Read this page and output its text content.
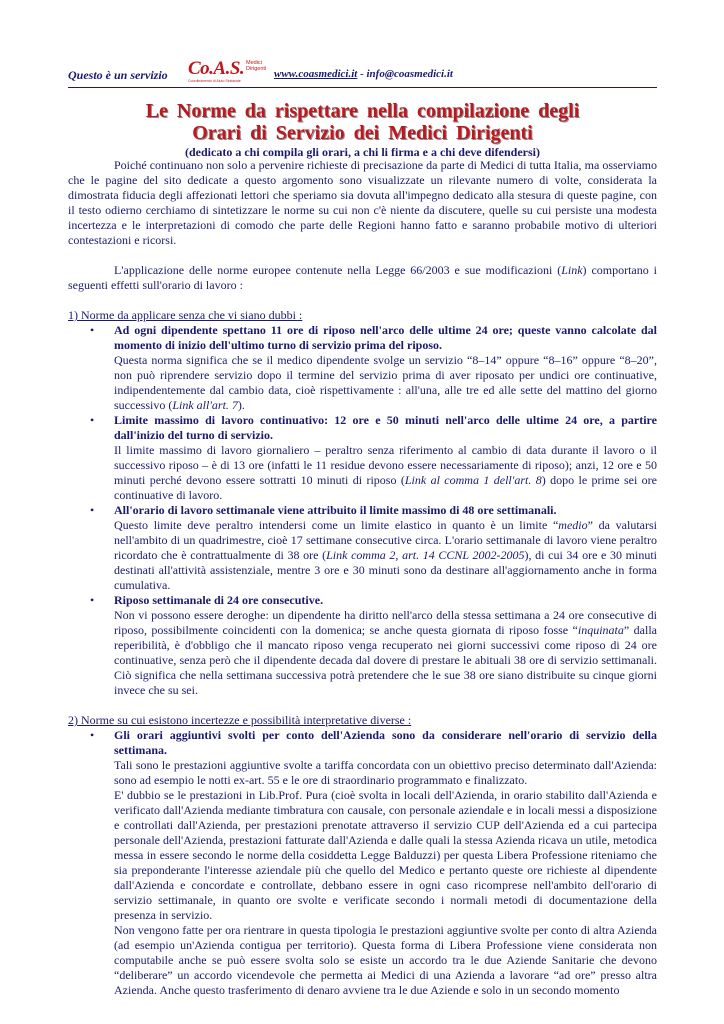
Questo è un servizio Co.A.S. Medici
Dirigenti
Coordinamento di Aiuto Sindacale
www.coasmedici.it - info@coasmedici.it
Le Norme da rispettare nella compilazione degli
Orari di Servizio dei Medici Dirigenti
(dedicato a chi compila gli orari, a chi li firma e a chi deve difendersi)

Poiché continuano non solo a pervenire richieste di precisazione da parte di Medici di tutta Italia, ma osserviamo che le pagine del sito dedicate a questo argomento sono visualizzate un rilevante numero di volte, considerata la dimostrata fiducia degli affezionati lettori che speriamo sia dovuta all'impegno dedicato alla stesura di queste pagine, con il testo odierno cerchiamo di sintetizzare le norme su cui non c'è niente da discutere, quelle su cui persiste una modesta incertezza e le interpretazioni di comodo che parte delle Regioni hanno fatto e saranno probabile motivo di ulteriori contestazioni e ricorsi.

L'applicazione delle norme europee contenute nella Legge 66/2003 e sue modificazioni (Link) comportano i seguenti effetti sull'orario di lavoro :

1) Norme da applicare senza che vi siano dubbi :

• Ad ogni dipendente spettano 11 ore di riposo nell'arco delle ultime 24 ore; queste vanno calcolate dal momento di inizio dell'ultimo turno di servizio prima del riposo.
Questa norma significa che se il medico dipendente svolge un servizio “8–14” oppure “8–16” oppure “8–20”, non può riprendere servizio dopo il termine del servizio prima di aver riposato per undici ore continuative, indipendentemente dal cambio data, cioè rispettivamente : all'una, alle tre ed alle sette del mattino del giorno successivo (Link all'art. 7).
• Limite massimo di lavoro continuativo: 12 ore e 50 minuti nell'arco delle ultime 24 ore, a partire dall'inizio del turno di servizio.
Il limite massimo di lavoro giornaliero – peraltro senza riferimento al cambio di data durante il lavoro o il successivo riposo – è di 13 ore (infatti le 11 residue devono essere necessariamente di riposo); anzi, 12 ore e 50 minuti perché devono essere sottratti 10 minuti di riposo (Link al comma 1 dell'art. 8) dopo le prime sei ore continuative di lavoro.
• All'orario di lavoro settimanale viene attribuito il limite massimo di 48 ore settimanali.
Questo limite deve peraltro intendersi come un limite elastico in quanto è un limite “medio” da valutarsi nell'ambito di un quadrimestre, cioè 17 settimane consecutive circa. L'orario settimanale di lavoro viene peraltro ricordato che è contrattualmente di 38 ore (Link comma 2, art. 14 CCNL 2002-2005), di cui 34 ore e 30 minuti destinati all'attività assistenziale, mentre 3 ore e 30 minuti sono da destinare all'aggiornamento anche in forma cumulativa.
• Riposo settimanale di 24 ore consecutive.
Non vi possono essere deroghe: un dipendente ha diritto nell'arco della stessa settimana a 24 ore consecutive di riposo, possibilmente coincidenti con la domenica; se anche questa giornata di riposo fosse “inquinata” dalla reperibilità, è d'obbligo che il mancato riposo venga recuperato nei giorni successivi come riposo di 24 ore continuative, senza però che il dipendente decada dal dovere di prestare le abituali 38 ore di servizio settimanali. Ciò significa che nella settimana successiva potrà pretendere che le sue 38 ore siano distribuite su cinque giorni invece che su sei.

2) Norme su cui esistono incertezze e possibilità interpretative diverse :

• Gli orari aggiuntivi svolti per conto dell'Azienda sono da considerare nell'orario di servizio della settimana.
Tali sono le prestazioni aggiuntive svolte a tariffa concordata con un obiettivo preciso determinato dall'Azienda: sono ad esempio le notti ex-art. 55 e le ore di straordinario programmato e finalizzato.
E' dubbio se le prestazioni in Lib.Prof. Pura (cioè svolta in locali dell'Azienda, in orario stabilito dall'Azienda e verificato dall'Azienda mediante timbratura con causale, con personale aziendale e in locali messi a disposizione e controllati dall'Azienda, per prestazioni prenotate attraverso il servizio CUP dell'Azienda ed a cui partecipa personale dell'Azienda, prestazioni fatturate dall'Azienda e dalle quali la stessa Azienda ricava un utile, metodica messa in essere secondo le norme della cosiddetta Legge Balduzzi) per questa Libera Professione riteniamo che sia preponderante l'interesse aziendale più che quello del Medico e pertanto queste ore richieste al dipendente dall'Azienda e concordate e controllate, debbano essere in ogni caso ricomprese nell'ambito dell'orario di servizio settimanale, in quanto ore svolte e verificate secondo i normali metodi di documentazione della presenza in servizio.
Non vengono fatte per ora rientrare in questa tipologia le prestazioni aggiuntive svolte per conto di altra Azienda (ad esempio un'Azienda contigua per territorio). Questa forma di Libera Professione viene considerata non computabile anche se può essere svolta solo se esiste un accordo tra le due Aziende Sanitarie che devono “deliberare” un accordo vicendevole che permetta ai Medici di una Azienda a lavorare “ad ore” presso altra Azienda. Anche questo trasferimento di denaro avviene tra le due Aziende e solo in un secondo momento
